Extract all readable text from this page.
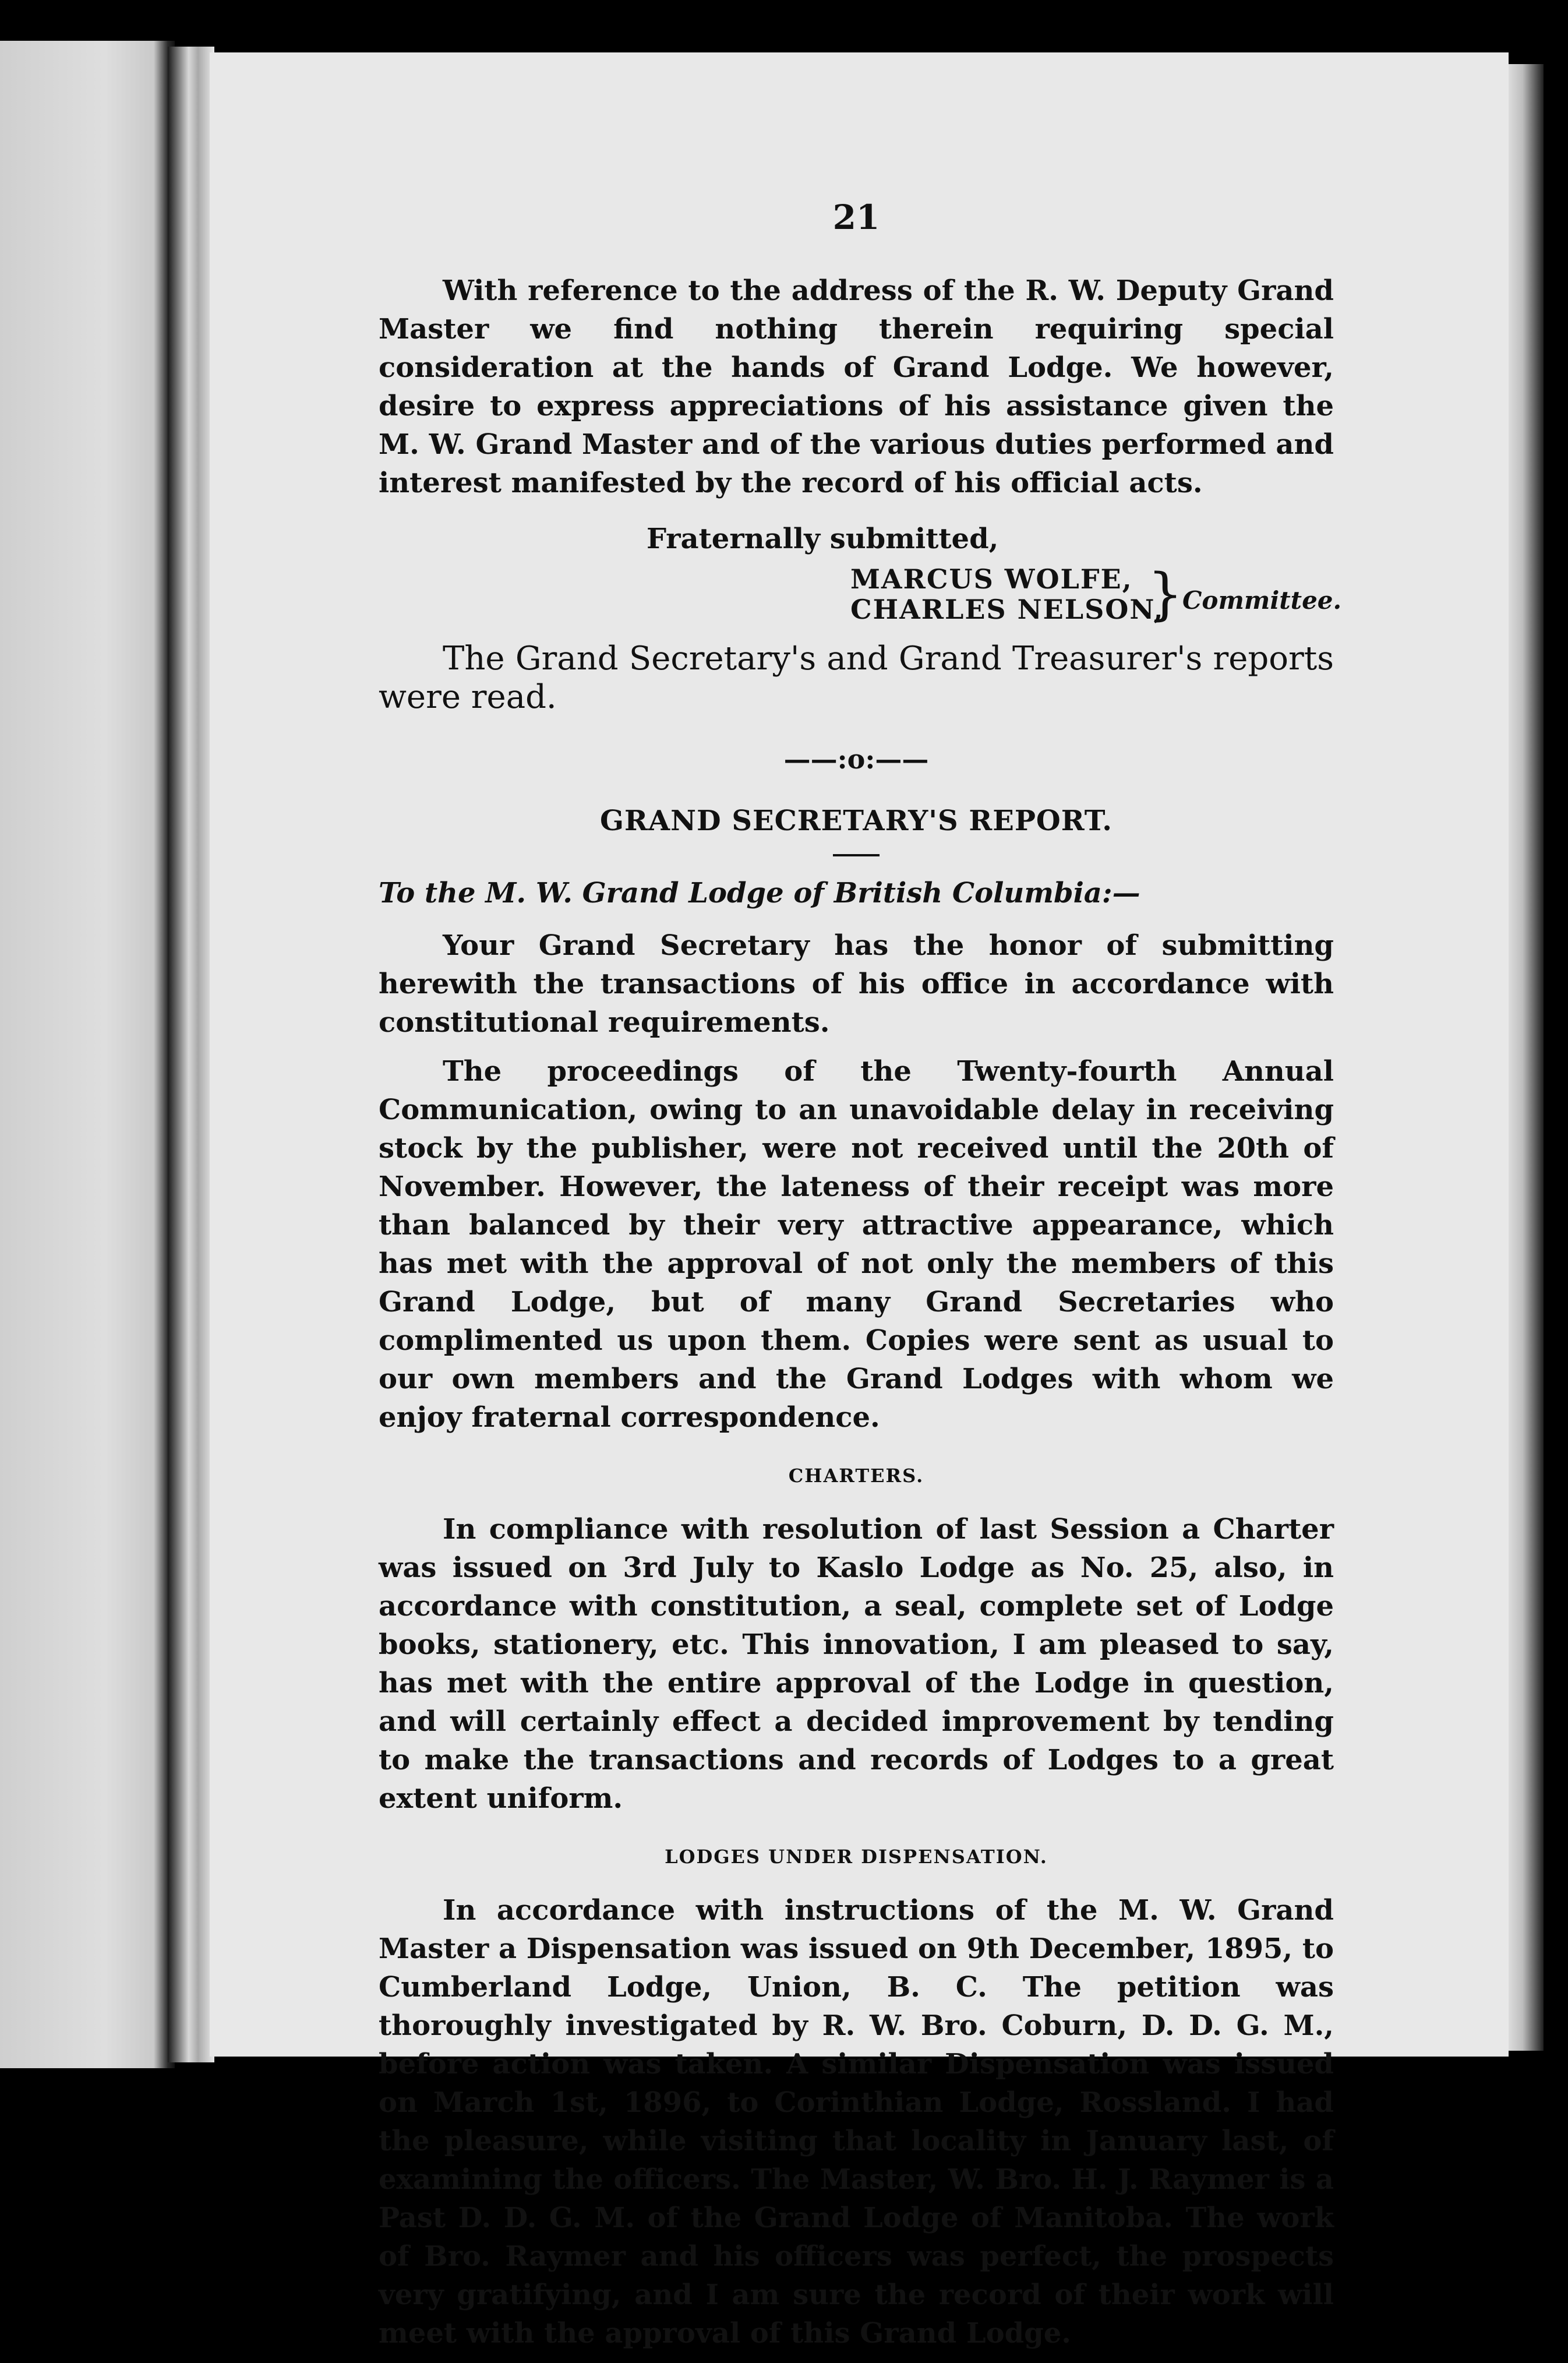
21

With reference to the address of the R. W. Deputy Grand Master we find nothing therein requiring special consideration at the hands of Grand Lodge. We however, desire to express appreciations of his assistance given the M. W. Grand Master and of the various duties performed and interest manifested by the record of his official acts.

Fraternally submitted,

MARCUS WOLFE,
CHARLES NELSON,
}
Committee.

The Grand Secretary's and Grand Treasurer's reports were read.

——:o:——
GRAND SECRETARY'S REPORT.

To the M. W. Grand Lodge of British Columbia:—

Your Grand Secretary has the honor of submitting herewith the transactions of his office in accordance with constitutional requirements.

The proceedings of the Twenty-fourth Annual Communication, owing to an unavoidable delay in receiving stock by the publisher, were not received until the 20th of November. However, the lateness of their receipt was more than balanced by their very attractive appearance, which has met with the approval of not only the members of this Grand Lodge, but of many Grand Secretaries who complimented us upon them. Copies were sent as usual to our own members and the Grand Lodges with whom we enjoy fraternal correspondence.

CHARTERS.

In compliance with resolution of last Session a Charter was issued on 3rd July to Kaslo Lodge as No. 25, also, in accordance with constitution, a seal, complete set of Lodge books, stationery, etc. This innovation, I am pleased to say, has met with the entire approval of the Lodge in question, and will certainly effect a decided improvement by tending to make the transactions and records of Lodges to a great extent uniform.

LODGES UNDER DISPENSATION.

In accordance with instructions of the M. W. Grand Master a Dispensation was issued on 9th December, 1895, to Cumberland Lodge, Union, B. C. The petition was thoroughly investigated by R. W. Bro. Coburn, D. D. G. M., before action was taken. A similar Dispensation was issued on March 1st, 1896, to Corinthian Lodge, Rossland. I had the pleasure, while visiting that locality in January last, of examining the officers. The Master, W. Bro. H. J. Raymer is a Past D. D. G. M. of the Grand Lodge of Manitoba. The work of Bro. Raymer and his officers was perfect, the prospects very gratifying, and I am sure the record of their work will meet with the approval of this Grand Lodge.
